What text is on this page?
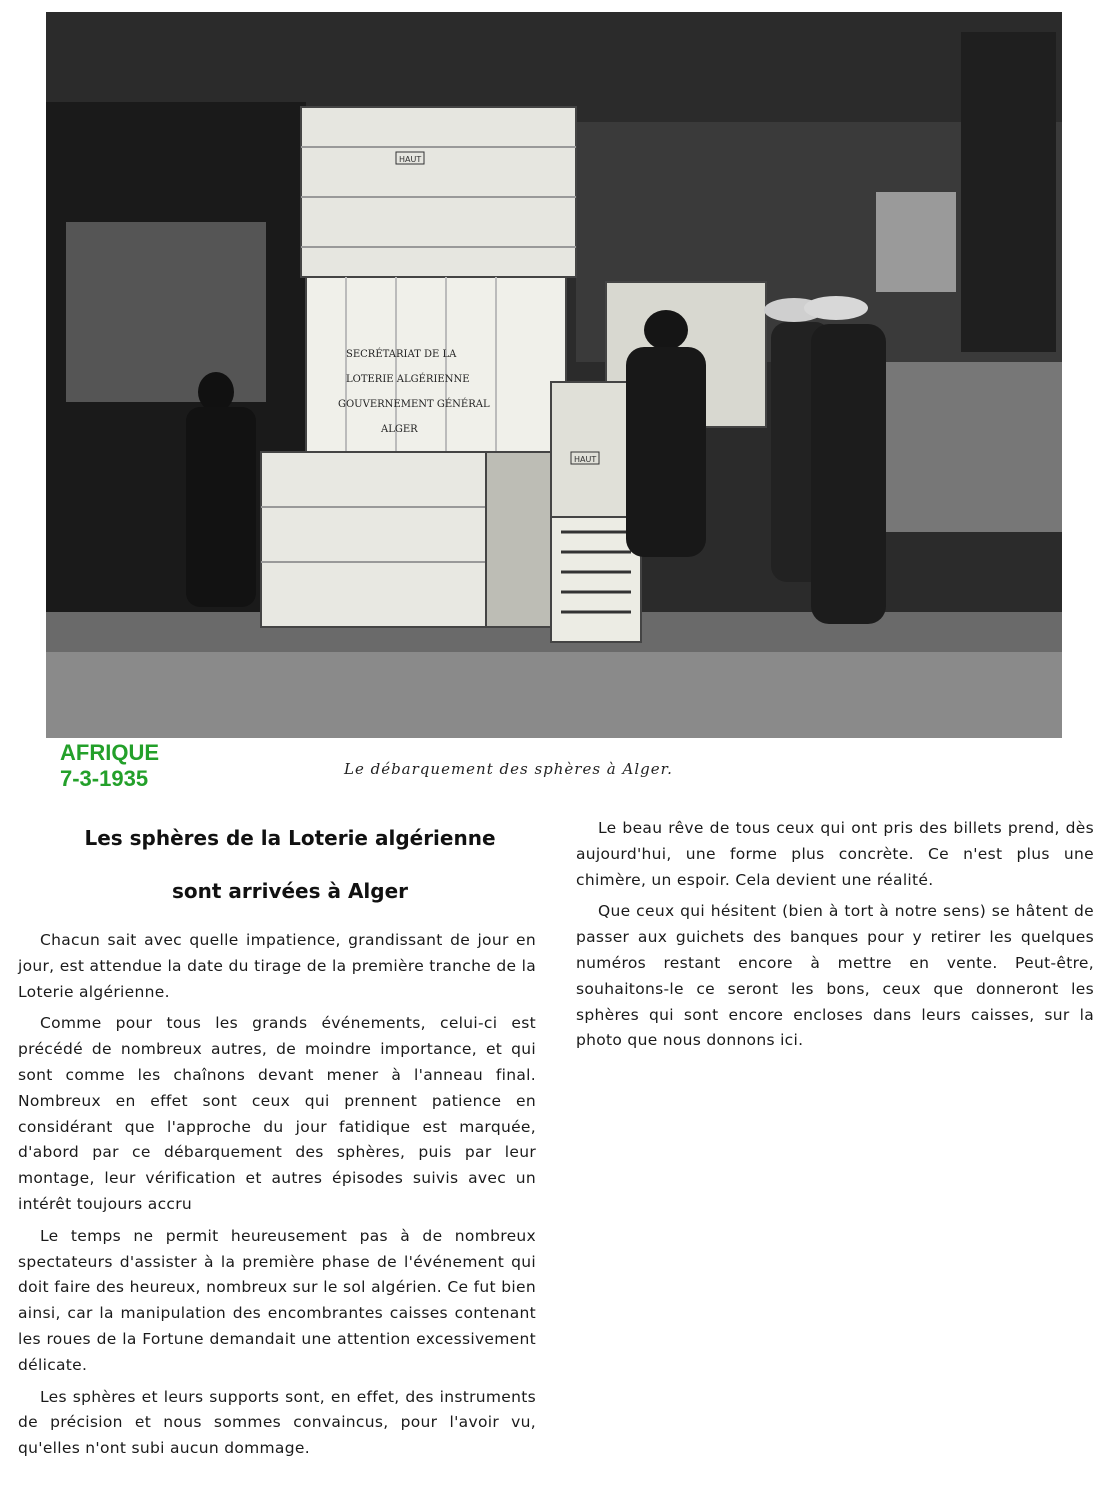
HAUT
SECRÉTARIAT DE LA
LOTERIE ALGÉRIENNE
GOUVERNEMENT GÉNÉRAL
ALGER
HAUT
AFRIQUE
7-3-1935	Le débarquement des sphères à Alger.
Les sphères de la Loterie algérienne
sont arrivées à Alger

Chacun sait avec quelle impatience, grandissant de jour en jour, est attendue la date du tirage de la première tranche de la Loterie algérienne.

Comme pour tous les grands événements, celui-ci est précédé de nombreux autres, de moindre importance, et qui sont comme les chaînons devant mener à l'anneau final. Nombreux en effet sont ceux qui prennent patience en considérant que l'approche du jour fatidique est marquée, d'abord par ce débarquement des sphères, puis par leur montage, leur vérification et autres épisodes suivis avec un intérêt toujours accru

Le temps ne permit heureusement pas à de nombreux spectateurs d'assister à la première phase de l'événement qui doit faire des heureux, nombreux sur le sol algérien. Ce fut bien ainsi, car la manipulation des encombrantes caisses contenant les roues de la Fortune demandait une attention excessivement délicate.

Les sphères et leurs supports sont, en effet, des instruments de précision et nous sommes convaincus, pour l'avoir vu, qu'elles n'ont subi aucun dommage.

Le beau rêve de tous ceux qui ont pris des billets prend, dès aujourd'hui, une forme plus concrète. Ce n'est plus une chimère, un espoir. Cela devient une réalité.

Que ceux qui hésitent (bien à tort à notre sens) se hâtent de passer aux guichets des banques pour y retirer les quelques numéros restant encore à mettre en vente. Peut-être, souhaitons-le ce seront les bons, ceux que donneront les sphères qui sont encore encloses dans leurs caisses, sur la photo que nous donnons ici.
